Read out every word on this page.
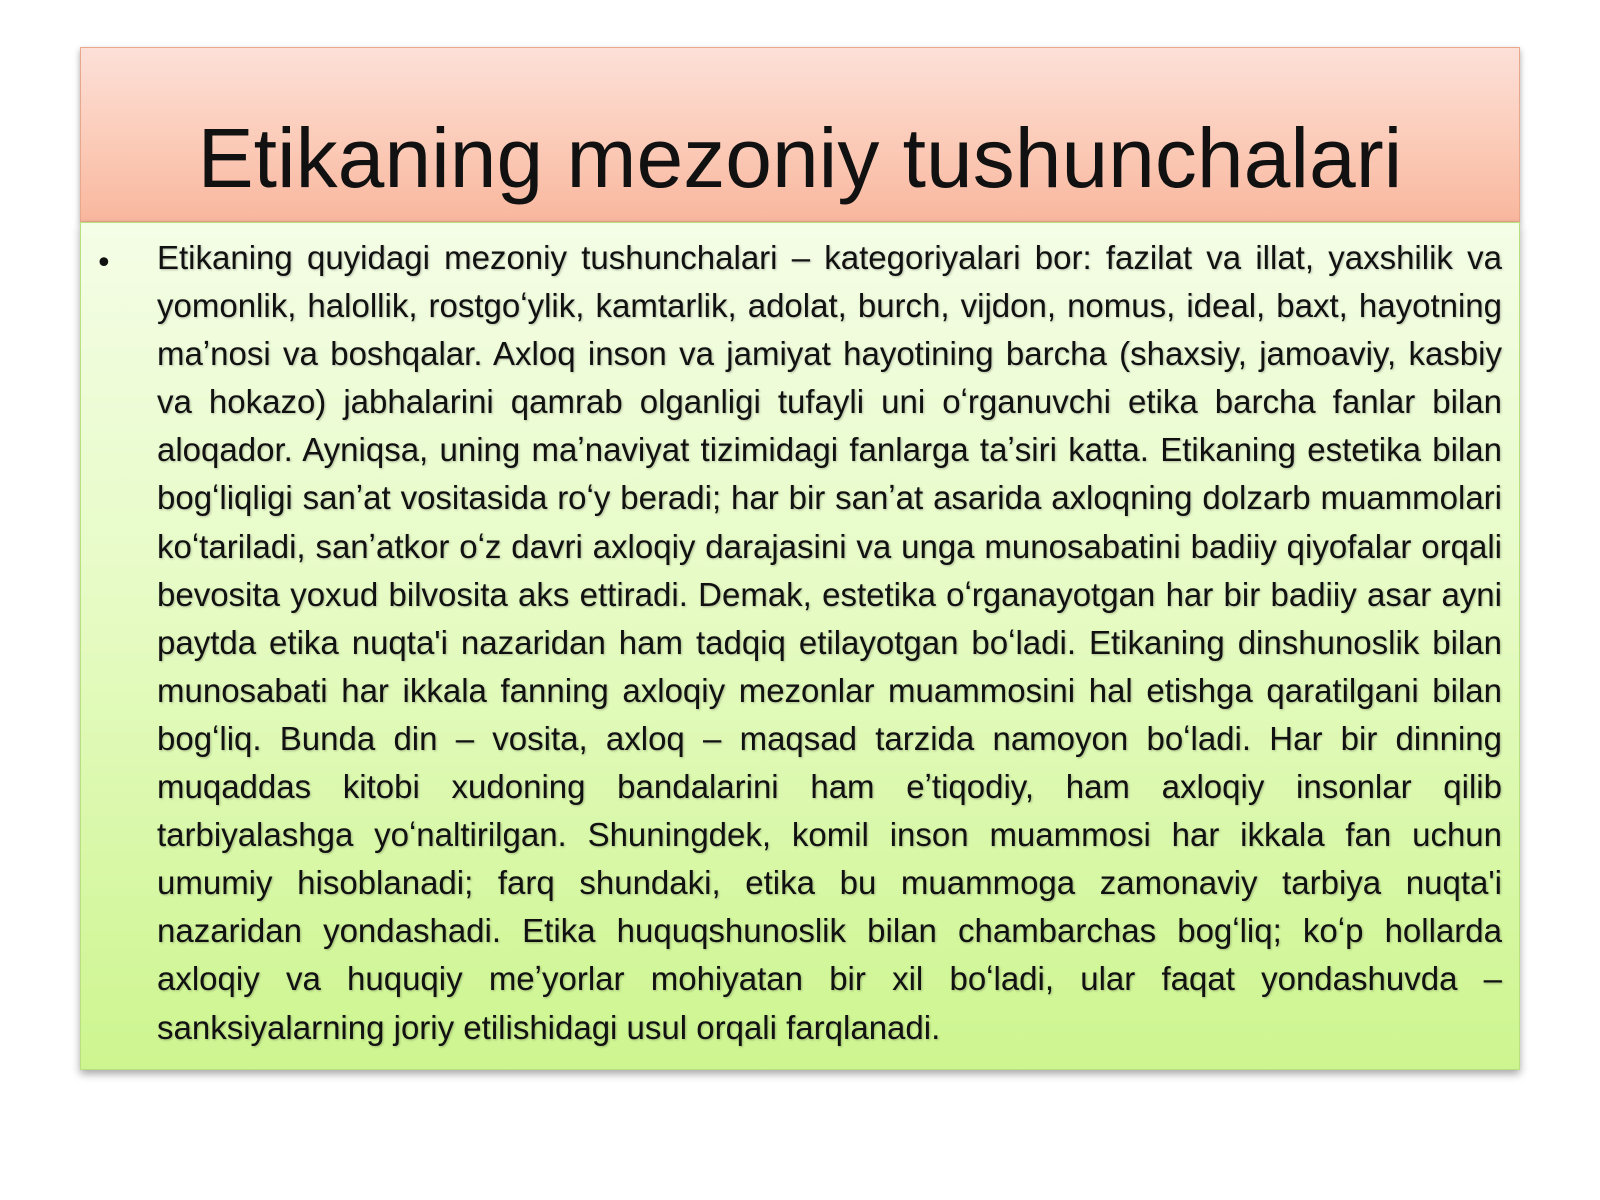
Etikaning mezoniy tushunchalari
• Etikaning quyidagi mezoniy tushunchalari – kategoriyalari bor: fazilat va illat, yaxshilik va yomonlik, halollik, rostgoʻylik, kamtarlik, adolat, burch, vijdon, nomus, ideal, baxt, hayotning maʼnosi va boshqalar. Axloq inson va jamiyat hayotining barcha (shaxsiy, jamoaviy, kasbiy va hokazo) jabhalarini qamrab olganligi tufayli uni oʻrganuvchi etika barcha fanlar bilan aloqador. Ayniqsa, uning maʼnaviyat tizimidagi fanlarga taʼsiri katta. Etikaning estetika bilan bogʻliqligi sanʼat vositasida roʻy beradi; har bir sanʼat asarida axloqning dolzarb muammolari koʻtariladi, sanʼatkor oʻz davri axloqiy darajasini va unga munosabatini badiiy qiyofalar orqali bevosita yoxud bilvosita aks ettiradi. Demak, estetika oʻrganayotgan har bir badiiy asar ayni paytda etika nuqta'i nazaridan ham tadqiq etilayotgan boʻladi. Etikaning dinshunoslik bilan munosabati har ikkala fanning axloqiy mezonlar muammosini hal etishga qaratilgani bilan bogʻliq. Bunda din – vosita, axloq – maqsad tarzida namoyon boʻladi. Har bir dinning muqaddas kitobi xudoning bandalarini ham eʼtiqodiy, ham axloqiy insonlar qilib tarbiyalashga yoʻnaltirilgan. Shuningdek, komil inson muammosi har ikkala fan uchun umumiy hisoblanadi; farq shundaki, etika bu muammoga zamonaviy tarbiya nuqta'i nazaridan yondashadi. Etika huquqshunoslik bilan chambarchas bogʻliq; koʻp hollarda axloqiy va huquqiy meʼyorlar mohiyatan bir xil boʻladi, ular faqat yondashuvda – sanksiyalarning joriy etilishidagi usul orqali farqlanadi.
